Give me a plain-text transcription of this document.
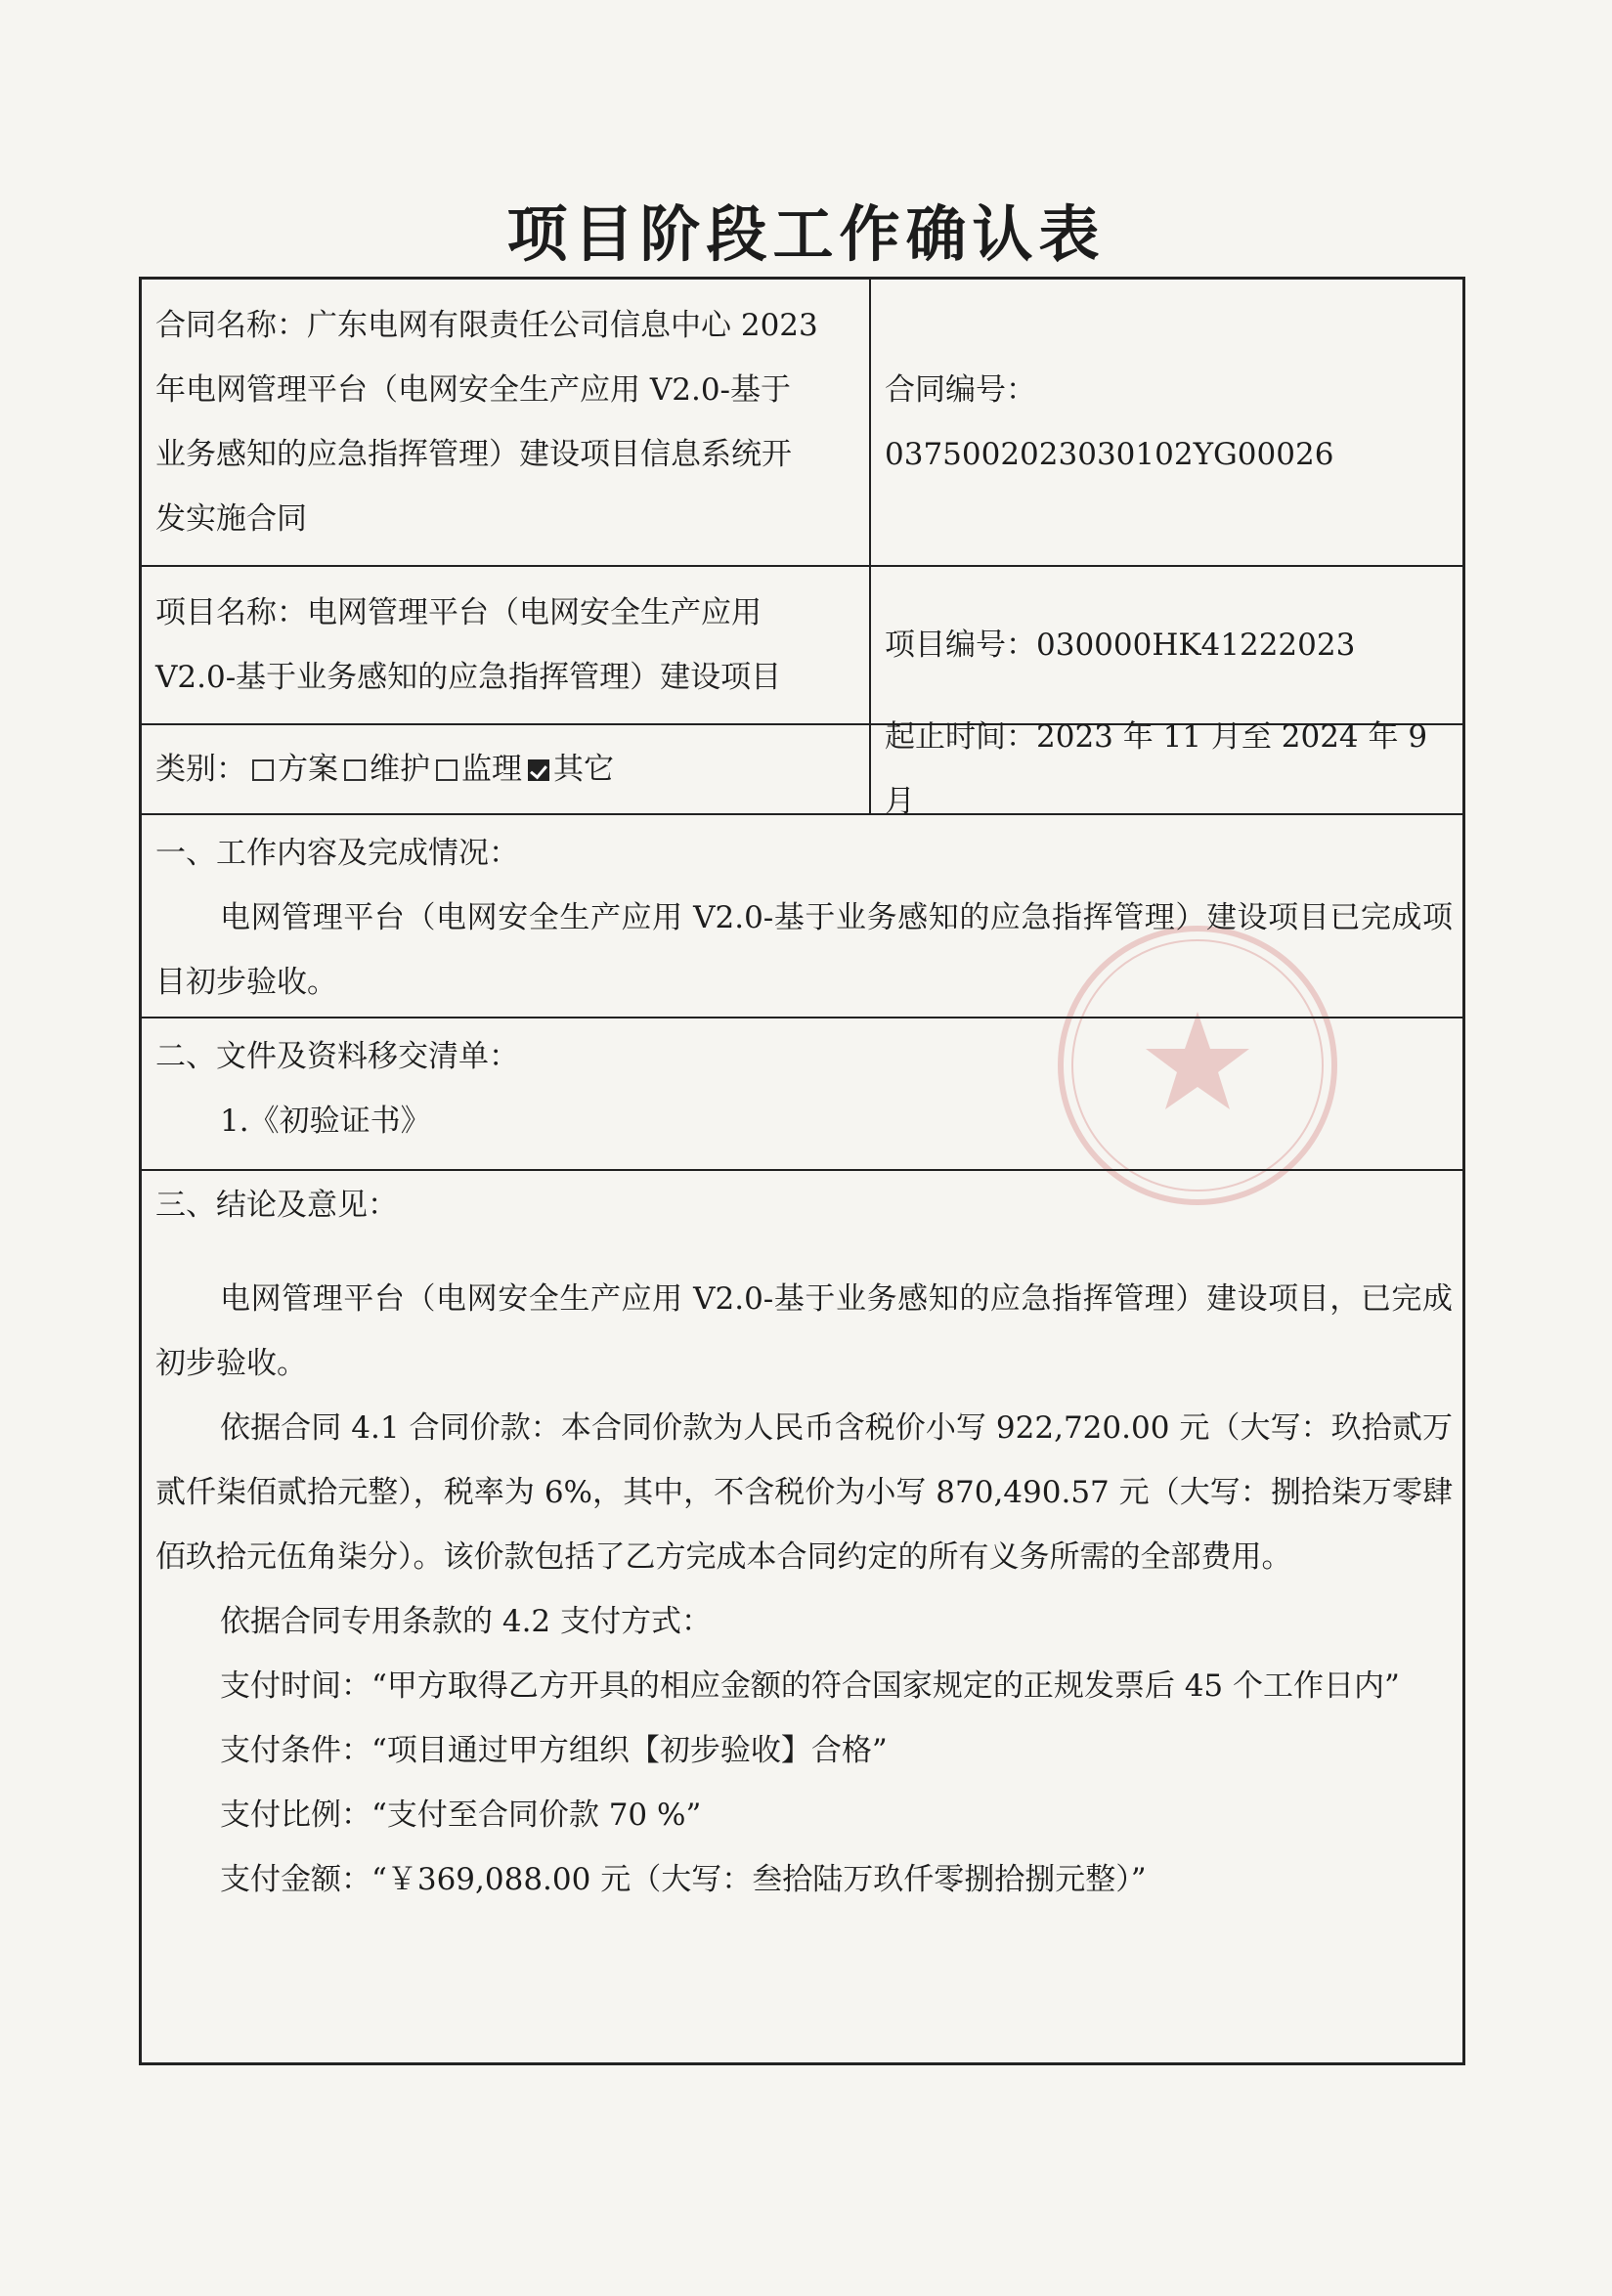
项目阶段工作确认表
合同名称：广东电网有限责任公司信息中心 2023
年电网管理平台（电网安全生产应用 V2.0-基于
业务感知的应急指挥管理）建设项目信息系统开
发实施合同
合同编号：0375002023030102YG00026
项目名称：电网管理平台（电网安全生产应用
V2.0-基于业务感知的应急指挥管理）建设项目
项目编号：030000HK41222023
类别： 方案 维护 监理 其它
起止时间：2023 年 11 月至 2024 年 9 月
一、工作内容及完成情况：
电网管理平台（电网安全生产应用 V2.0-基于业务感知的应急指挥管理）建设项目已完成项目初步验收。
二、文件及资料移交清单：
1.《初验证书》
三、结论及意见：
电网管理平台（电网安全生产应用 V2.0-基于业务感知的应急指挥管理）建设项目，已完成初步验收。
依据合同 4.1 合同价款：本合同价款为人民币含税价小写 922,720.00 元（大写：玖拾贰万贰仟柒佰贰拾元整），税率为 6%，其中，不含税价为小写 870,490.57 元（大写：捌拾柒万零肆佰玖拾元伍角柒分）。该价款包括了乙方完成本合同约定的所有义务所需的全部费用。
依据合同专用条款的 4.2 支付方式：
支付时间：“甲方取得乙方开具的相应金额的符合国家规定的正规发票后 45 个工作日内”
支付条件：“项目通过甲方组织【初步验收】合格”
支付比例：“支付至合同价款 70 %”
支付金额：“￥369,088.00 元（大写：叁拾陆万玖仟零捌拾捌元整）”
